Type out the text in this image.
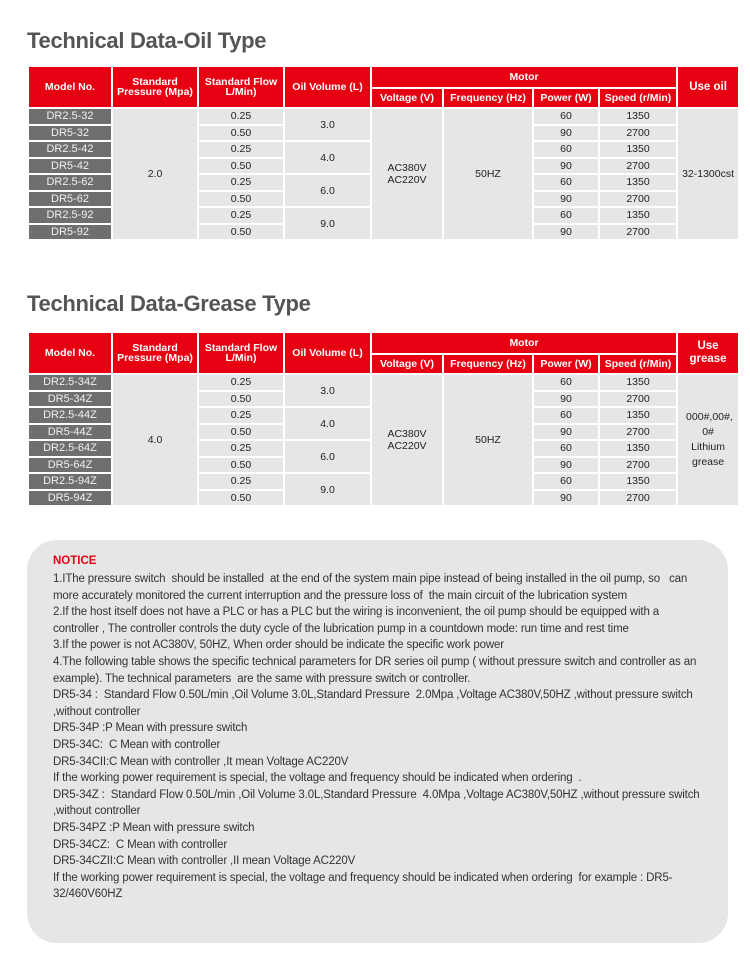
Technical Data-Oil Type
Model No.	Standard Pressure (Mpa)	Standard Flow L/Min)	Oil Volume (L)	Motor				Use oil
				Voltage (V)	Frequency (Hz)	Power (W)	Speed (r/Min)	
DR2.5-32	2.0	0.25	3.0	AC380V AC220V	50HZ	60	1350	32-1300cst
DR5-32		0.50				90	2700	
DR2.5-42		0.25	4.0			60	1350	
DR5-42		0.50				90	2700	
DR2.5-62		0.25	6.0			60	1350	
DR5-62		0.50				90	2700	
DR2.5-92		0.25	9.0			60	1350	
DR5-92		0.50				90	2700	
Technical Data-Grease Type
Model No.	Standard Pressure (Mpa)	Standard Flow L/Min)	Oil Volume (L)	Motor				Use grease
				Voltage (V)	Frequency (Hz)	Power (W)	Speed (r/Min)	
DR2.5-34Z	4.0	0.25	3.0	AC380V AC220V	50HZ	60	1350	000#,00#, 0# Lithium grease
DR5-34Z		0.50				90	2700	
DR2.5-44Z		0.25	4.0			60	1350	
DR5-44Z		0.50				90	2700	
DR2.5-64Z		0.25	6.0			60	1350	
DR5-64Z		0.50				90	2700	
DR2.5-94Z		0.25	9.0			60	1350	
DR5-94Z		0.50				90	2700	
NOTICE
1.IThe pressure switch  should be installed  at the end of the system main pipe instead of being installed in the oil pump, so   can  more accurately monitored the current interruption and the pressure loss of  the main circuit of the lubrication system
2.If the host itself does not have a PLC or has a PLC but the wiring is inconvenient, the oil pump should be equipped with a controller , The controller controls the duty cycle of the lubrication pump in a countdown mode: run time and rest time
3.If the power is not AC380V, 50HZ, When order should be indicate the specific work power
4.The following table shows the specific technical parameters for DR series oil pump ( without pressure switch and controller as an example). The technical parameters  are the same with pressure switch or controller.
DR5-34 :  Standard Flow 0.50L/min ,Oil Volume 3.0L,Standard Pressure  2.0Mpa ,Voltage AC380V,50HZ ,without pressure switch ,without controller
DR5-34P :P Mean with pressure switch
DR5-34C:  C Mean with controller
DR5-34CII:C Mean with controller ,It mean Voltage AC220V
If the working power requirement is special, the voltage and frequency should be indicated when ordering  .
DR5-34Z :  Standard Flow 0.50L/min ,Oil Volume 3.0L,Standard Pressure  4.0Mpa ,Voltage AC380V,50HZ ,without pressure switch ,without controller
DR5-34PZ :P Mean with pressure switch
DR5-34CZ:  C Mean with controller
DR5-34CZII:C Mean with controller ,II mean Voltage AC220V
If the working power requirement is special, the voltage and frequency should be indicated when ordering  for example : DR5-32/460V60HZ
